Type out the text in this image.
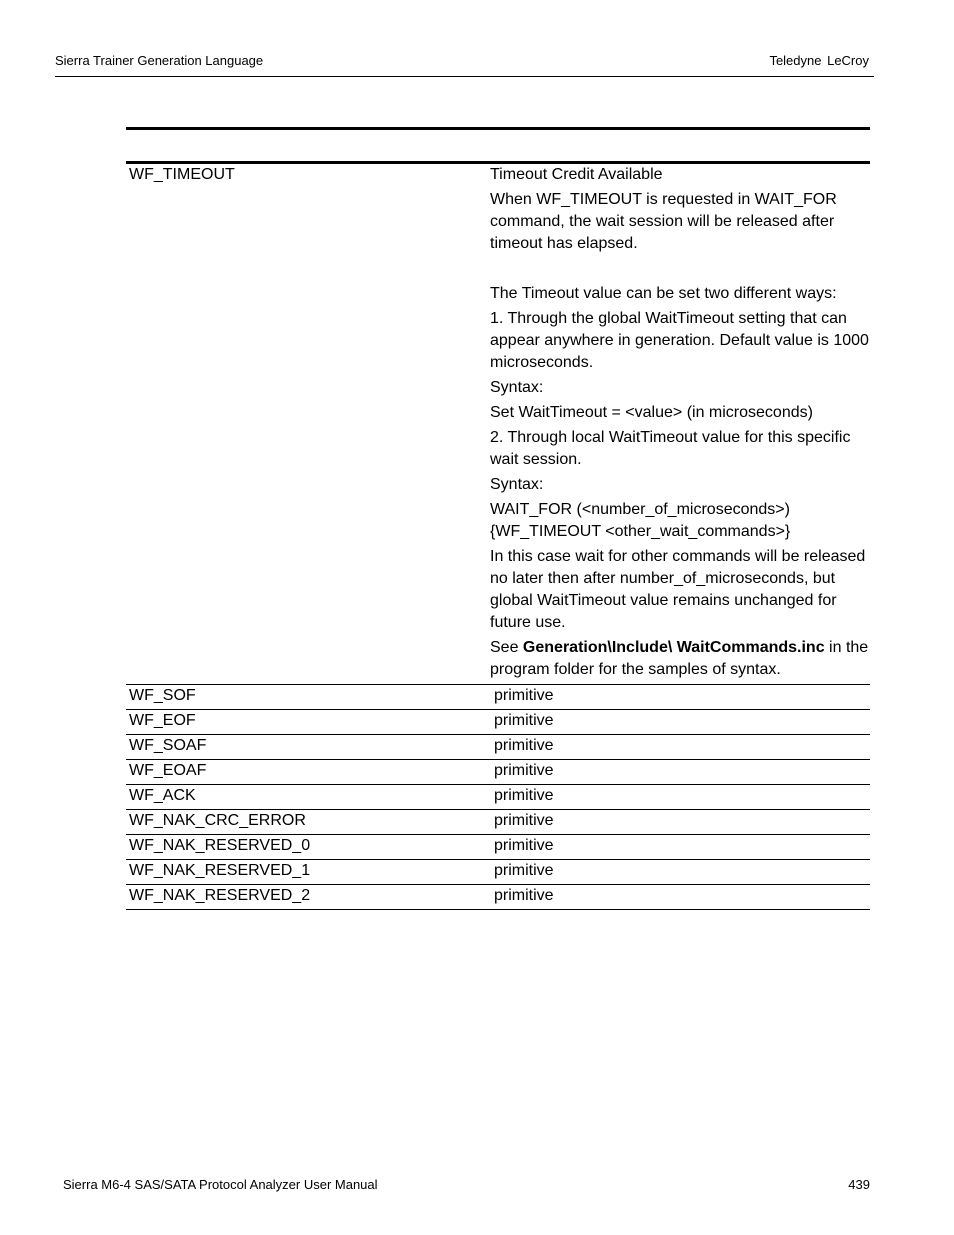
Sierra Trainer Generation Language	Teledyne LeCroy
WF_TIMEOUT	Timeout Credit Available

When WF_TIMEOUT is requested in WAIT_FOR command, the wait session will be released after timeout has elapsed.

The Timeout value can be set two different ways:

1. Through the global WaitTimeout setting that can appear anywhere in generation. Default value is 1000 microseconds.

Syntax:

Set WaitTimeout = <value> (in microseconds)

2. Through local WaitTimeout value for this specific wait session.

Syntax:

WAIT_FOR (<number_of_microseconds>) {WF_TIMEOUT <other_wait_commands>}

In this case wait for other commands will be released no later then after number_of_microseconds, but global WaitTimeout value remains unchanged for future use.

See Generation\Include\ WaitCommands.inc in the program folder for the samples of syntax.

WF_SOF	primitive
WF_EOF	primitive
WF_SOAF	primitive
WF_EOAF	primitive
WF_ACK	primitive
WF_NAK_CRC_ERROR	primitive
WF_NAK_RESERVED_0	primitive
WF_NAK_RESERVED_1	primitive
WF_NAK_RESERVED_2	primitive
Sierra M6-4 SAS/SATA Protocol Analyzer User Manual	439
